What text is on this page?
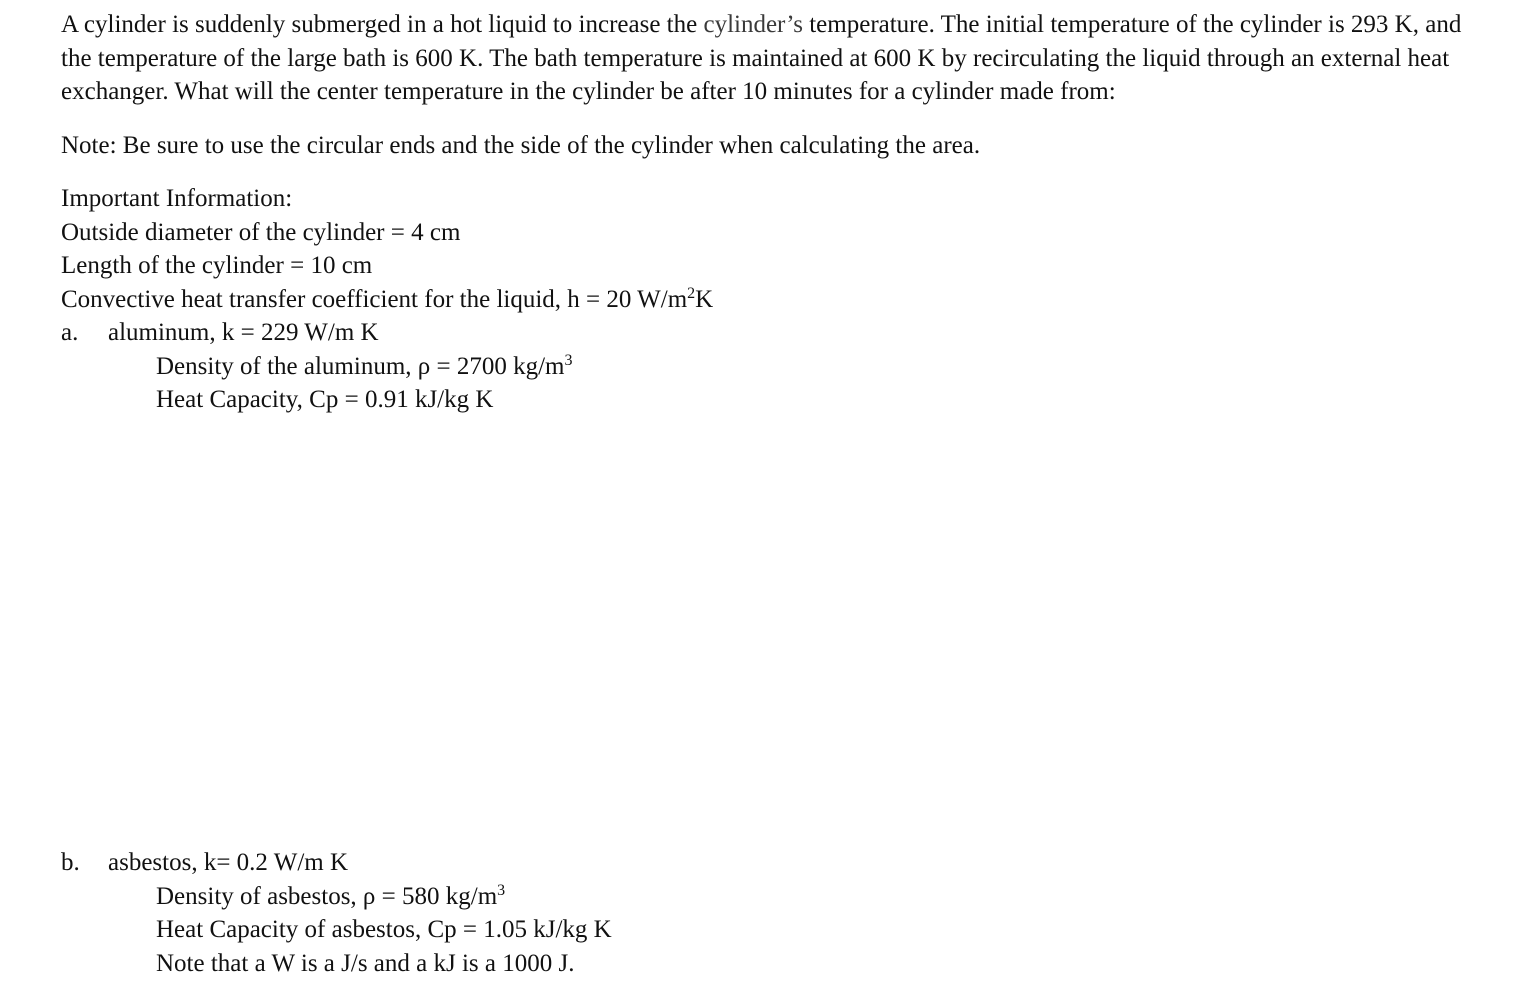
A cylinder is suddenly submerged in a hot liquid to increase the cylinder’s temperature. The initial temperature of the cylinder is 293 K, and the temperature of the large bath is 600 K. The bath temperature is maintained at 600 K by recirculating the liquid through an external heat exchanger. What will the center temperature in the cylinder be after 10 minutes for a cylinder made from:

Note: Be sure to use the circular ends and the side of the cylinder when calculating the area.

Important Information:
Outside diameter of the cylinder = 4 cm
Length of the cylinder = 10 cm
Convective heat transfer coefficient for the liquid, h = 20 $W/m^2K$
a.	aluminum, k = 229 W/m K
Density of the aluminum, ρ = 2700 $kg/m^3$
Heat Capacity, Cp = 0.91 kJ/kg K
b.	asbestos, k= 0.2 W/m K
Density of asbestos, ρ = 580 $kg/m^3$
Heat Capacity of asbestos, Cp = 1.05 kJ/kg K
Note that a W is a J/s and a kJ is a 1000 J.
